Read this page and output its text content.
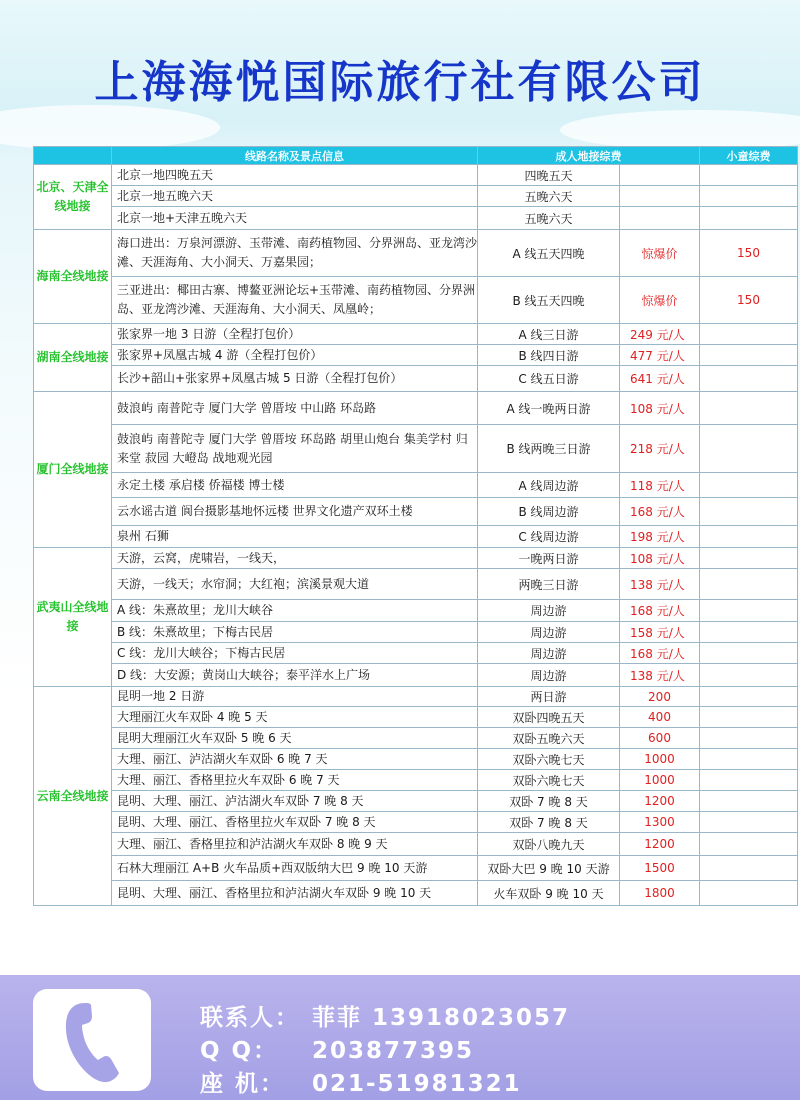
上海海悦国际旅行社有限公司
	线路名称及景点信息	成人地接综费		小童综费
北京、天津全线地接	北京一地四晚五天	四晚五天		
	北京一地五晚六天	五晚六天		
	北京一地+天津五晚六天	五晚六天		
海南全线地接	海口进出：万泉河漂游、玉带滩、南药植物园、分界洲岛、亚龙湾沙滩、天涯海角、大小洞天、万嘉果园；	A 线五天四晚	惊爆价	150
	三亚进出：椰田古寨、博鳌亚洲论坛+玉带滩、南药植物园、分界洲岛、亚龙湾沙滩、天涯海角、大小洞天、凤凰岭；	B 线五天四晚	惊爆价	150
湖南全线地接	张家界一地 3 日游（全程打包价）	A 线三日游	249 元/人	
	张家界+凤凰古城 4 游（全程打包价）	B 线四日游	477 元/人	
	长沙+韶山+张家界+凤凰古城 5 日游（全程打包价）	C 线五日游	641 元/人	
厦门全线地接	鼓浪屿 南普陀寺 厦门大学 曾厝垵 中山路 环岛路	A 线一晚两日游	108 元/人	
	鼓浪屿 南普陀寺 厦门大学 曾厝垵 环岛路 胡里山炮台 集美学村 归来堂 菽园 大嶝岛 战地观光园	B 线两晚三日游	218 元/人	
	永定土楼 承启楼 侨福楼 博士楼	A 线周边游	118 元/人	
	云水谣古道 阆台摄影基地怀远楼 世界文化遗产双环土楼	B 线周边游	168 元/人	
	泉州 石狮	C 线周边游	198 元/人	
武夷山全线地接	天游，云窝，虎啸岩，一线天，	一晚两日游	108 元/人	
	天游，一线天；水帘洞；大红袍；滨溪景观大道	两晚三日游	138 元/人	
	A 线：朱熹故里；龙川大峡谷	周边游	168 元/人	
	B 线：朱熹故里；下梅古民居	周边游	158 元/人	
	C 线：龙川大峡谷；下梅古民居	周边游	168 元/人	
	D 线：大安源；黄岗山大峡谷；泰平洋水上广场	周边游	138 元/人	
云南全线地接	昆明一地 2 日游	两日游	200	
	大理丽江火车双卧 4 晚 5 天	双卧四晚五天	400	
	昆明大理丽江火车双卧 5 晚 6 天	双卧五晚六天	600	
	大理、丽江、泸沽湖火车双卧 6 晚 7 天	双卧六晚七天	1000	
	大理、丽江、香格里拉火车双卧 6 晚 7 天	双卧六晚七天	1000	
	昆明、大理、丽江、泸沽湖火车双卧 7 晚 8 天	双卧 7 晚 8 天	1200	
	昆明、大理、丽江、香格里拉火车双卧 7 晚 8 天	双卧 7 晚 8 天	1300	
	大理、丽江、香格里拉和泸沽湖火车双卧 8 晚 9 天	双卧八晚九天	1200	
	石林大理丽江 A+B 火车品质+西双版纳大巴 9 晚 10 天游	双卧大巴 9 晚 10 天游	1500	
	昆明、大理、丽江、香格里拉和泸沽湖火车双卧 9 晚 10 天	火车双卧 9 晚 10 天	1800	
联系人： 菲菲 13918023057
Q Q： 203877395
座 机： 021-51981321
